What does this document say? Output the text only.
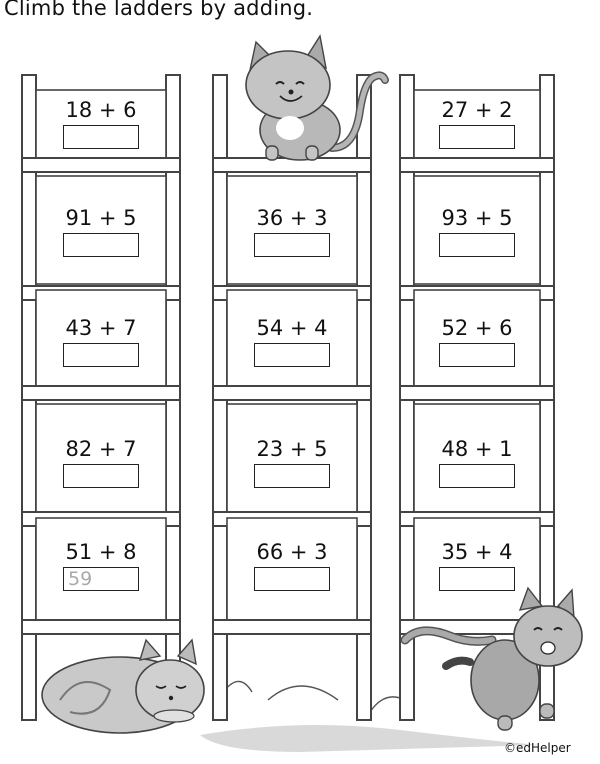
Climb the ladders by adding.
18 + 6
91 + 5
43 + 7
82 + 7
51 + 8
59
36 + 3
54 + 4
23 + 5
66 + 3
27 + 2
93 + 5
52 + 6
48 + 1
35 + 4
©edHelper
